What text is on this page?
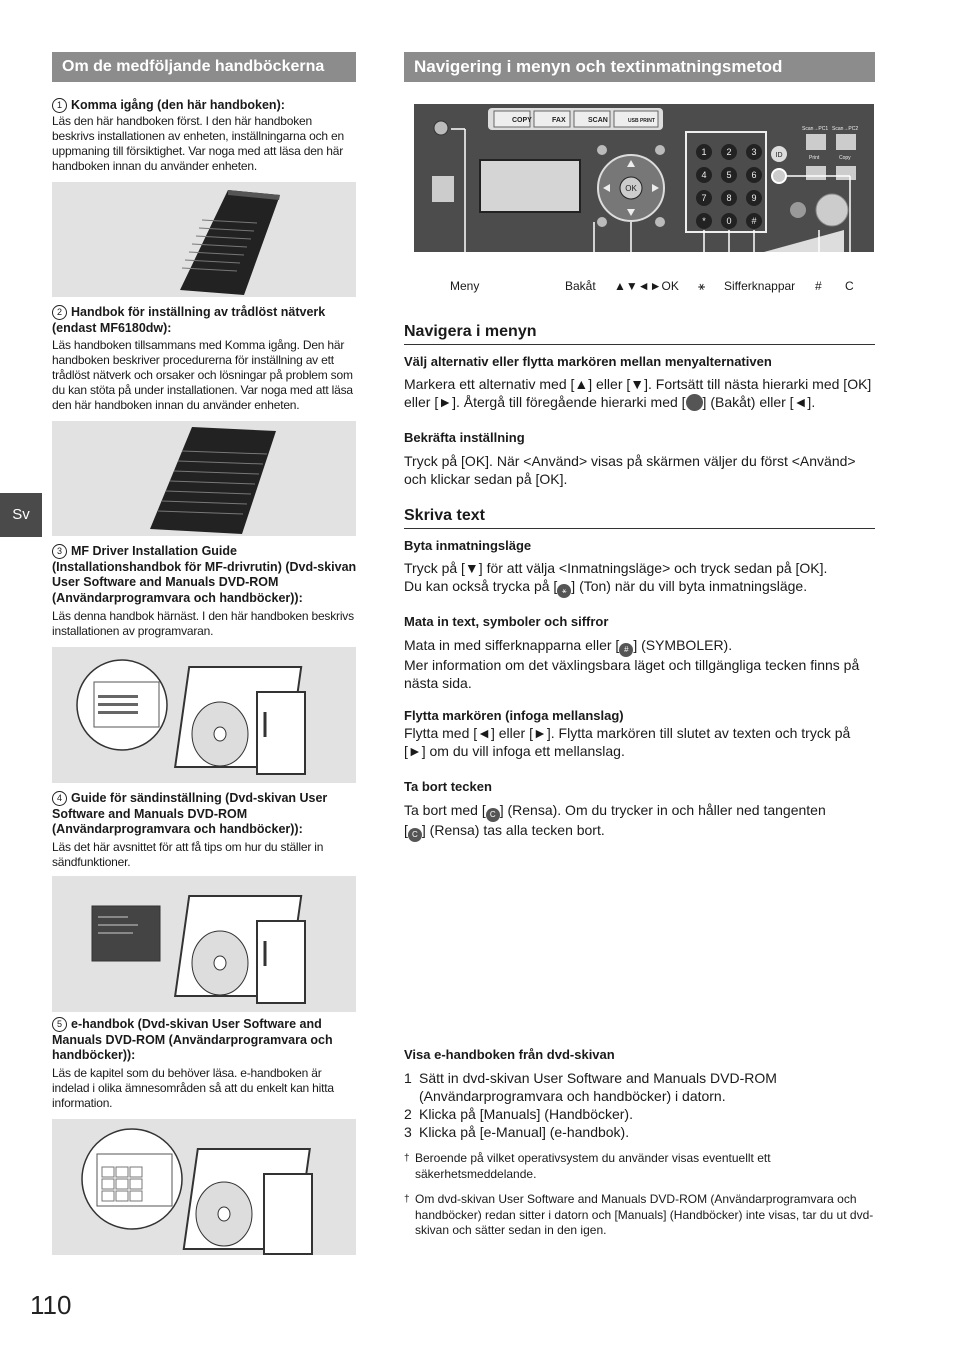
Om de medföljande handböckerna
1 Komma igång (den här handboken):
Läs den här handboken först. I den här handboken beskrivs installationen av enheten, inställningarna och en uppmaning till försiktighet. Var noga med att läsa den här handboken innan du använder enheten.
2 Handbok för inställning av trådlöst nätverk (endast MF6180dw):
Läs handboken tillsammans med Komma igång. Den här handboken beskriver procedurerna för inställning av ett trådlöst nätverk och orsaker och lösningar på problem som du kan stöta på under installationen. Var noga med att läsa den här handboken innan du använder enheten.
3 MF Driver Installation Guide (Installationshandbok för MF-drivrutin) (Dvd-skivan User Software and Manuals DVD-ROM (Användarprogramvara och handböcker)):
Läs denna handbok härnäst. I den här handboken beskrivs installationen av programvaran.
4 Guide för sändinställning (Dvd-skivan User Software and Manuals DVD-ROM (Användarprogramvara och handböcker)):
Läs det här avsnittet för att få tips om hur du ställer in sändfunktioner.
5 e-handbok (Dvd-skivan User Software and Manuals DVD-ROM (Användarprogramvara och handböcker)):
Läs de kapitel som du behöver läsa. e-handboken är indelad i olika ämnesområden så att du enkelt kan hitta information.
Sv
110
Navigering i menyn och textinmatningsmetod
COPY	FAX	SCAN	USB PRINT
OK
1 2 3
4 5 6
7 8 9
* 0 #
ID
Scan→PC1 Scan→PC2
Print	Copy
Meny	Bakåt ▲▼◄►OK ⚹ Sifferknappar # C
Navigera i menyn
Välj alternativ eller flytta markören mellan menyalternativen
Markera ett alternativ med [▲] eller [▼]. Fortsätt till nästa hierarki med [OK] eller [►]. Återgå till föregående hierarki med [ ] (Bakåt) eller [◄].
Bekräfta inställning
Tryck på [OK]. När <Använd> visas på skärmen väljer du först <Använd> och klickar sedan på [OK].
Skriva text
Byta inmatningsläge
Tryck på [▼] för att välja <Inmatningsläge> och tryck sedan på [OK].
Du kan också trycka på [ ⚹ ] (Ton) när du vill byta inmatningsläge.
Mata in text, symboler och siffror
Mata in med sifferknapparna eller [ # ] (SYMBOLER).
Mer information om det växlingsbara läget och tillgängliga tecken finns på nästa sida.
Flytta markören (infoga mellanslag)
Flytta med [◄] eller [►]. Flytta markören till slutet av texten och tryck på [►] om du vill infoga ett mellanslag.
Ta bort tecken
Ta bort med [ C ] (Rensa). Om du trycker in och håller ned tangenten
[ C ] (Rensa) tas alla tecken bort.
Visa e-handboken från dvd-skivan
1 Sätt in dvd-skivan User Software and Manuals DVD-ROM (Användarprogramvara och handböcker) i datorn.
2 Klicka på [Manuals] (Handböcker).
3 Klicka på [e-Manual] (e-handbok).
† Beroende på vilket operativsystem du använder visas eventuellt ett säkerhetsmeddelande.
† Om dvd-skivan User Software and Manuals DVD-ROM (Användarprogramvara och handböcker) redan sitter i datorn och [Manuals] (Handböcker) inte visas, tar du ut dvd-skivan och sätter sedan in den igen.
